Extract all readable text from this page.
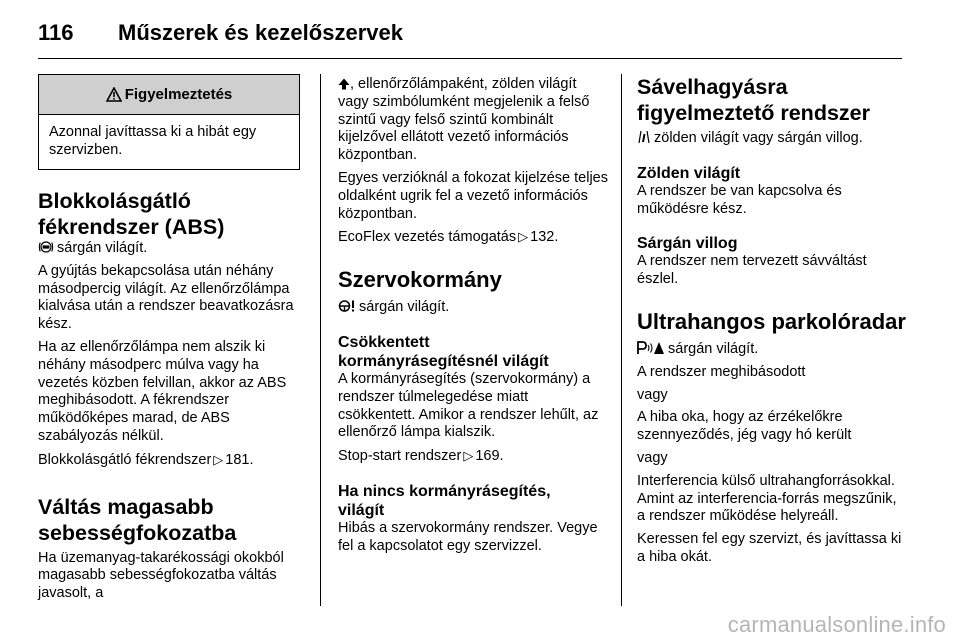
116	Műszerek és kezelőszervek
Figyelmeztetés
Azonnal javíttassa ki a hibát egy szervizben.
Blokkolásgátló
fékrendszer (ABS)

sárgán világít.

A gyújtás bekapcsolása után néhány másodpercig világít. Az ellenőrzőlámpa kialvása után a rendszer beavatkozásra kész.

Ha az ellenőrzőlámpa nem alszik ki néhány másodperc múlva vagy ha vezetés közben felvillan, akkor az ABS meghibásodott. A fékrendszer működőképes marad, de ABS szabályozás nélkül.

Blokkolásgátló fékrendszer ▷ 181.

Váltás magasabb
sebességfokozatba

Ha üzemanyag-takarékossági okokból magasabb sebességfokozatba váltás javasolt, a

, ellenőrzőlámpaként, zölden világít vagy szimbólumként megjelenik a felső szintű vagy felső szintű kombinált kijelzővel ellátott vezető információs központban.

Egyes verzióknál a fokozat kijelzése teljes oldalként ugrik fel a vezető információs központban.

EcoFlex vezetés támogatás ▷ 132.

Szervokormány

sárgán világít.

Csökkentett
kormányrásegítésnél világít

A kormányrásegítés (szervokormány) a rendszer túlmelegedése miatt csökkentett. Amikor a rendszer lehűlt, az ellenőrző lámpa kialszik.

Stop-start rendszer ▷ 169.

Ha nincs kormányrásegítés,
világít

Hibás a szervokormány rendszer. Vegye fel a kapcsolatot egy szervizzel.

Sávelhagyásra
figyelmeztető rendszer

zölden világít vagy sárgán villog.

Zölden világít

A rendszer be van kapcsolva és működésre kész.

Sárgán villog

A rendszer nem tervezett sávváltást észlel.

Ultrahangos parkolóradar

sárgán világít.

A rendszer meghibásodott

vagy

A hiba oka, hogy az érzékelőkre szennyeződés, jég vagy hó került

vagy

Interferencia külső ultrahangforrásokkal. Amint az interferencia-forrás megszűnik, a rendszer működése helyreáll.

Keressen fel egy szervizt, és javíttassa ki a hiba okát.

carmanualsonline.info
